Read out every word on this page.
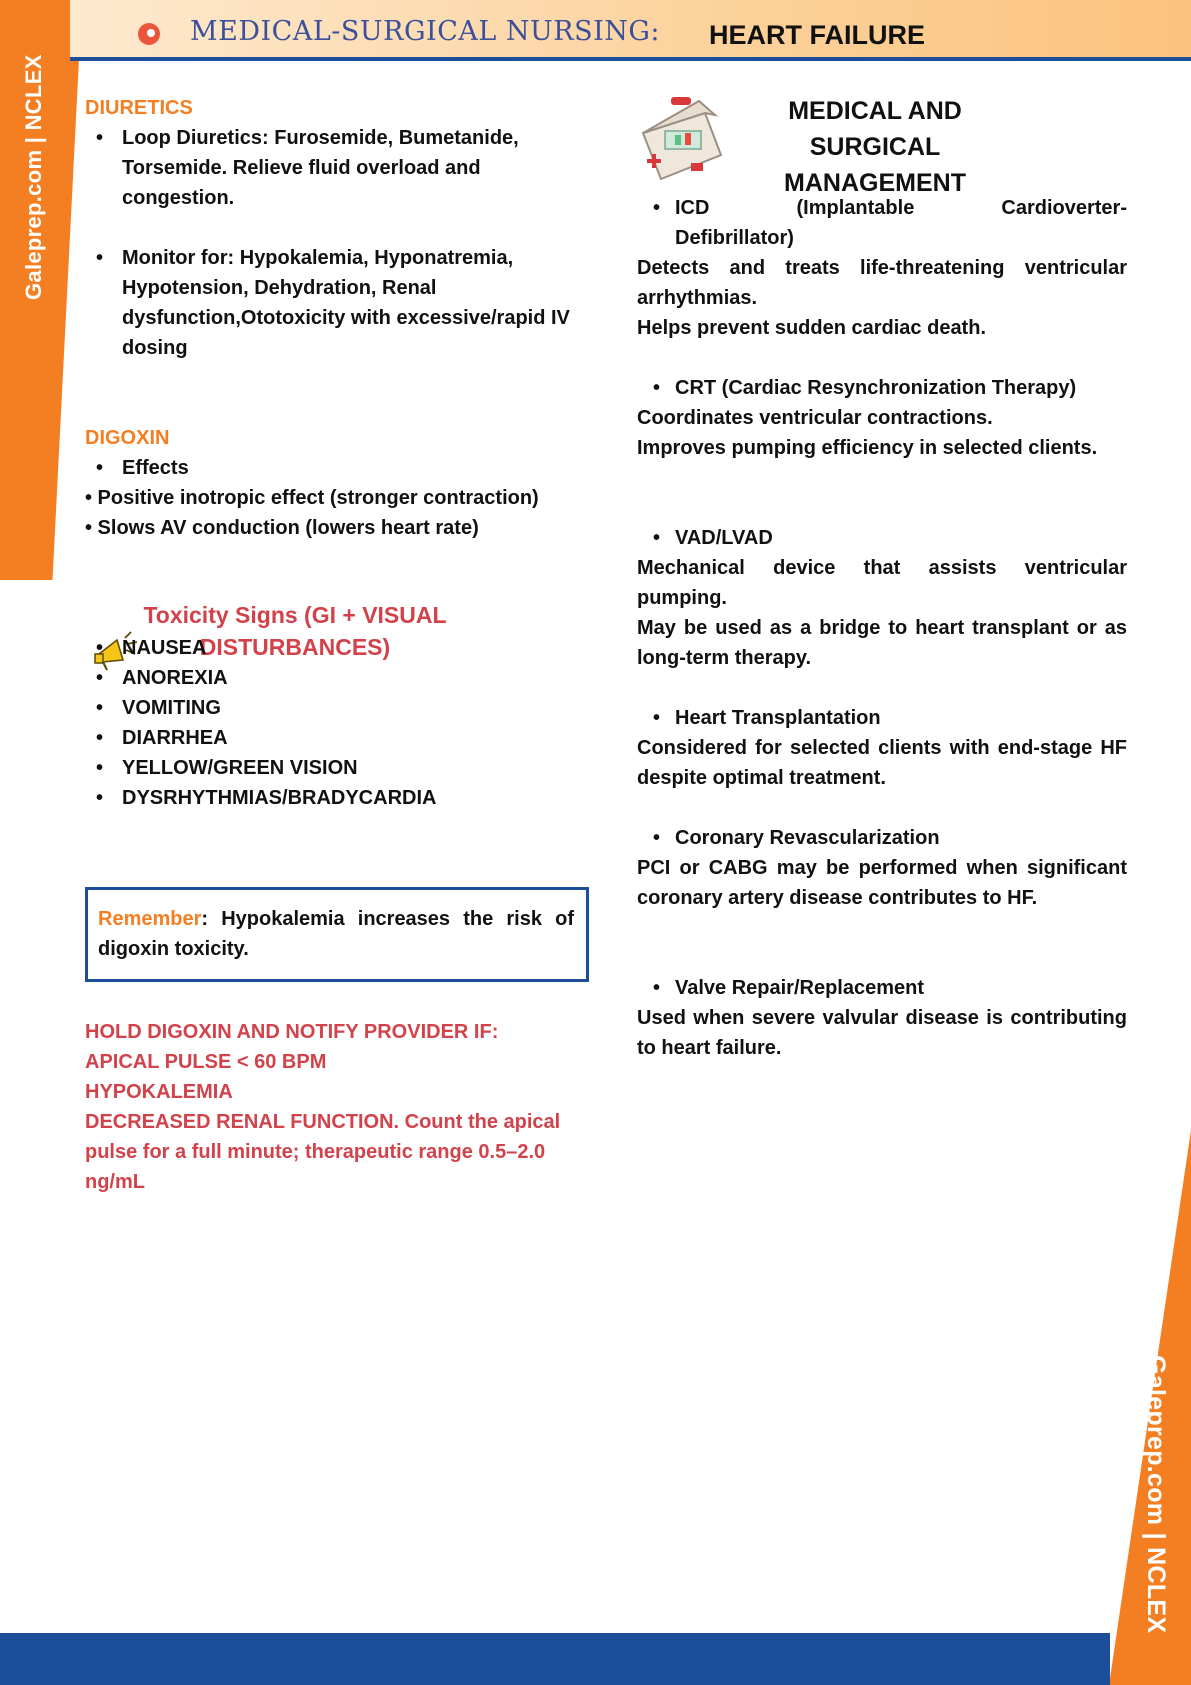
Galeprep.com | NCLEX
Galeprep.com | NCLEX
MEDICAL-SURGICAL NURSING: HEART FAILURE

DIURETICS

• Loop Diuretics: Furosemide, Bumetanide, Torsemide. Relieve fluid overload and congestion.
• Monitor for: Hypokalemia, Hyponatremia, Hypotension, Dehydration, Renal dysfunction,Ototoxicity with excessive/rapid IV dosing

DIGOXIN

• Effects

• Positive inotropic effect (stronger contraction)

• Slows AV conduction (lowers heart rate)

Toxicity Signs (GI + VISUAL DISTURBANCES)
• NAUSEA
• ANOREXIA
• VOMITING
• DIARRHEA
• YELLOW/GREEN VISION
• DYSRHYTHMIAS/BRADYCARDIA

Remember: Hypokalemia increases the risk of digoxin toxicity.

HOLD DIGOXIN AND NOTIFY PROVIDER IF:

APICAL PULSE < 60 BPM

HYPOKALEMIA

DECREASED RENAL FUNCTION. Count the apical pulse for a full minute; therapeutic range 0.5–2.0 ng/mL

MEDICAL AND SURGICAL MANAGEMENT
• ICD (Implantable Cardioverter-Defibrillator)

Detects and treats life-threatening ventricular arrhythmias.

Helps prevent sudden cardiac death.

• CRT (Cardiac Resynchronization Therapy)

Coordinates ventricular contractions.

Improves pumping efficiency in selected clients.

• VAD/LVAD

Mechanical device that assists ventricular pumping.

May be used as a bridge to heart transplant or as long-term therapy.

• Heart Transplantation

Considered for selected clients with end-stage HF despite optimal treatment.

• Coronary Revascularization

PCI or CABG may be performed when significant coronary artery disease contributes to HF.

• Valve Repair/Replacement

Used when severe valvular disease is contributing to heart failure.
